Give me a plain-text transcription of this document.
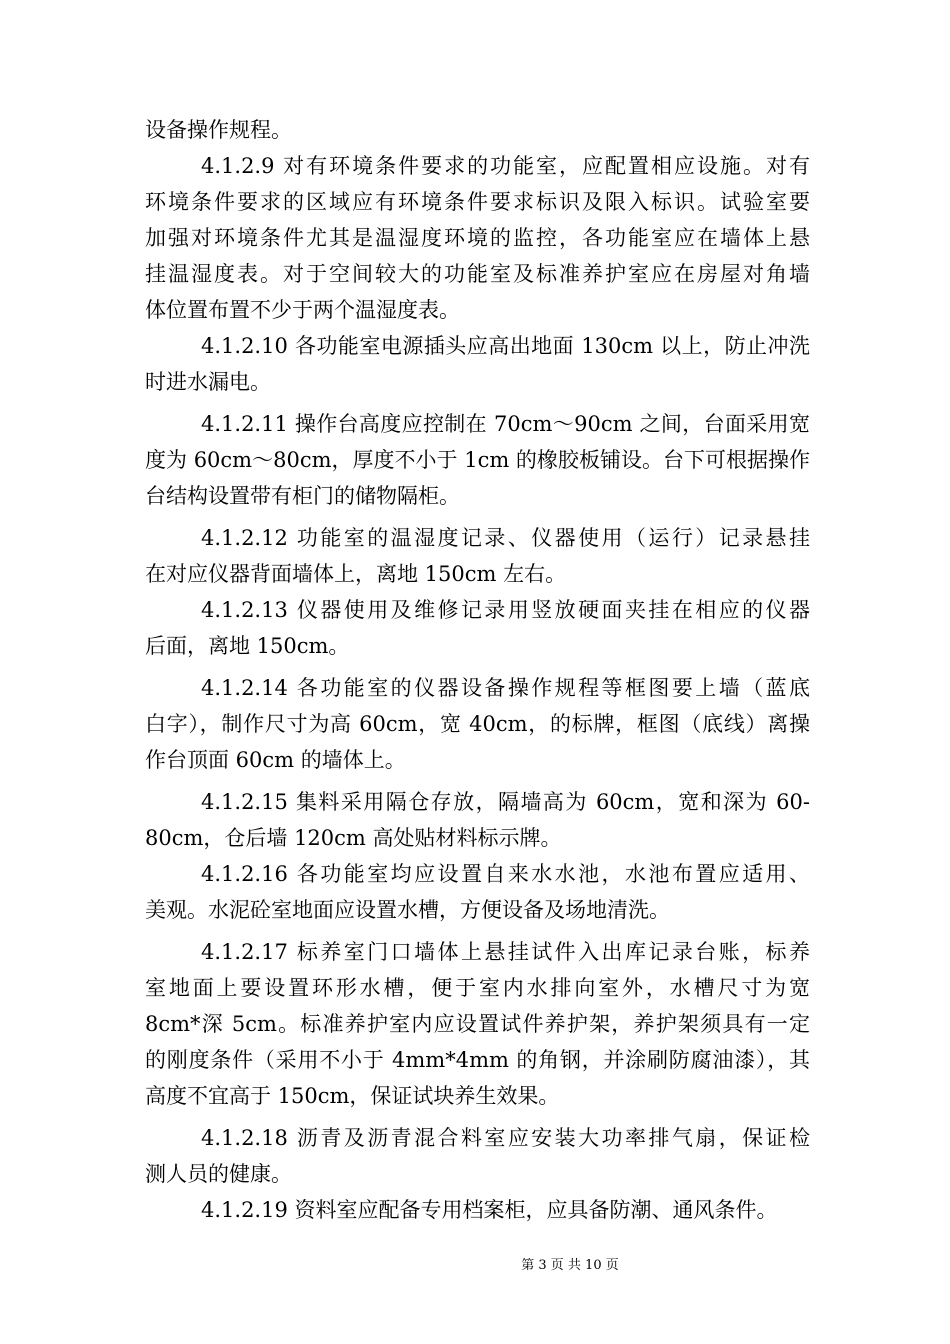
设备操作规程。
4.1.2.9 对有环境条件要求的功能室，应配置相应设施。对有
环境条件要求的区域应有环境条件要求标识及限入标识。试验室要
加强对环境条件尤其是温湿度环境的监控，各功能室应在墙体上悬
挂温湿度表。对于空间较大的功能室及标准养护室应在房屋对角墙
体位置布置不少于两个温湿度表。
4.1.2.10 各功能室电源插头应高出地面 130cm 以上，防止冲洗
时进水漏电。
4.1.2.11 操作台高度应控制在 70cm～90cm 之间，台面采用宽
度为 60cm～80cm，厚度不小于 1cm 的橡胶板铺设。台下可根据操作
台结构设置带有柜门的储物隔柜。
4.1.2.12 功能室的温湿度记录、仪器使用（运行）记录悬挂
在对应仪器背面墙体上，离地 150cm 左右。
4.1.2.13 仪器使用及维修记录用竖放硬面夹挂在相应的仪器
后面，离地 150cm。
4.1.2.14 各功能室的仪器设备操作规程等框图要上墙（蓝底
白字），制作尺寸为高 60cm，宽 40cm，的标牌，框图（底线）离操
作台顶面 60cm 的墙体上。
4.1.2.15 集料采用隔仓存放，隔墙高为 60cm，宽和深为 60-
80cm，仓后墙 120cm 高处贴材料标示牌。
4.1.2.16 各功能室均应设置自来水水池，水池布置应适用、
美观。水泥砼室地面应设置水槽，方便设备及场地清洗。
4.1.2.17 标养室门口墙体上悬挂试件入出库记录台账，标养
室地面上要设置环形水槽，便于室内水排向室外，水槽尺寸为宽
8cm*深 5cm。标准养护室内应设置试件养护架，养护架须具有一定
的刚度条件（采用不小于 4mm*4mm 的角钢，并涂刷防腐油漆），其
高度不宜高于 150cm，保证试块养生效果。
4.1.2.18 沥青及沥青混合料室应安装大功率排气扇，保证检
测人员的健康。
4.1.2.19 资料室应配备专用档案柜，应具备防潮、通风条件。
第 3 页 共 10 页
